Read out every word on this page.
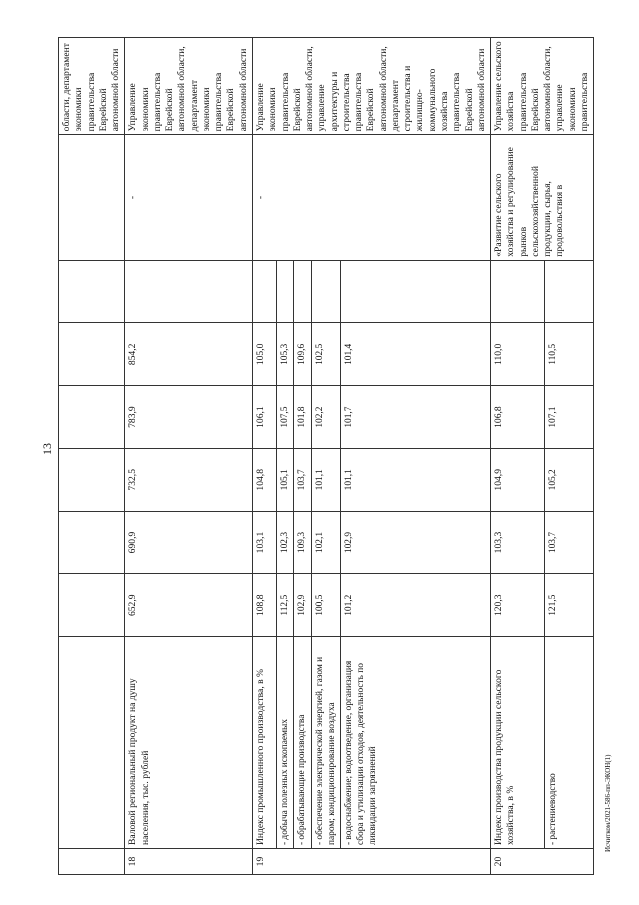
13
Исчитком/2021-586-пп-ЭКОН(1)
									области, департамент экономики правительства Еврейской автономной области
18	Валовой региональный продукт на душу населения, тыс. рублей	652,9	690,9	732,5	783,9	854,2		-	Управление экономики правительства Еврейской автономной области, департамент экономики правительства Еврейской автономной области
19	Индекс промышленного производства, в %	108,8	103,1	104,8	106,1	105,0		-	Управление экономики правительства Еврейской автономной области, управление архитектуры и строительства правительства Еврейской автономной области, департамент строительства и жилищно-коммунального хозяйства правительства Еврейской автономной области
	- добыча полезных ископаемых	112,5	102,3	105,1	107,5	105,3			
	- обрабатывающие производства	102,9	109,3	103,7	101,8	109,6			
	- обеспечение электрической энергией, газом и паром; кондиционирование воздуха	100,5	102,1	101,1	102,2	102,5			
	- водоснабжение; водоотведение, организация сбора и утилизации отходов, деятельность по ликвидации загрязнений	101,2	102,9	101,1	101,7	101,4			
20	Индекс производства продукции сельского хозяйства, в %	120,3	103,3	104,9	106,8	110,0		«Развитие сельского хозяйства и регулирование рынков сельскохозяйственной продукции, сырья, продовольствия в	Управление сельского хозяйства правительства Еврейской автономной области, управление экономики правительства
	- растениеводство	121,5	103,7	105,2	107,1	110,5			
